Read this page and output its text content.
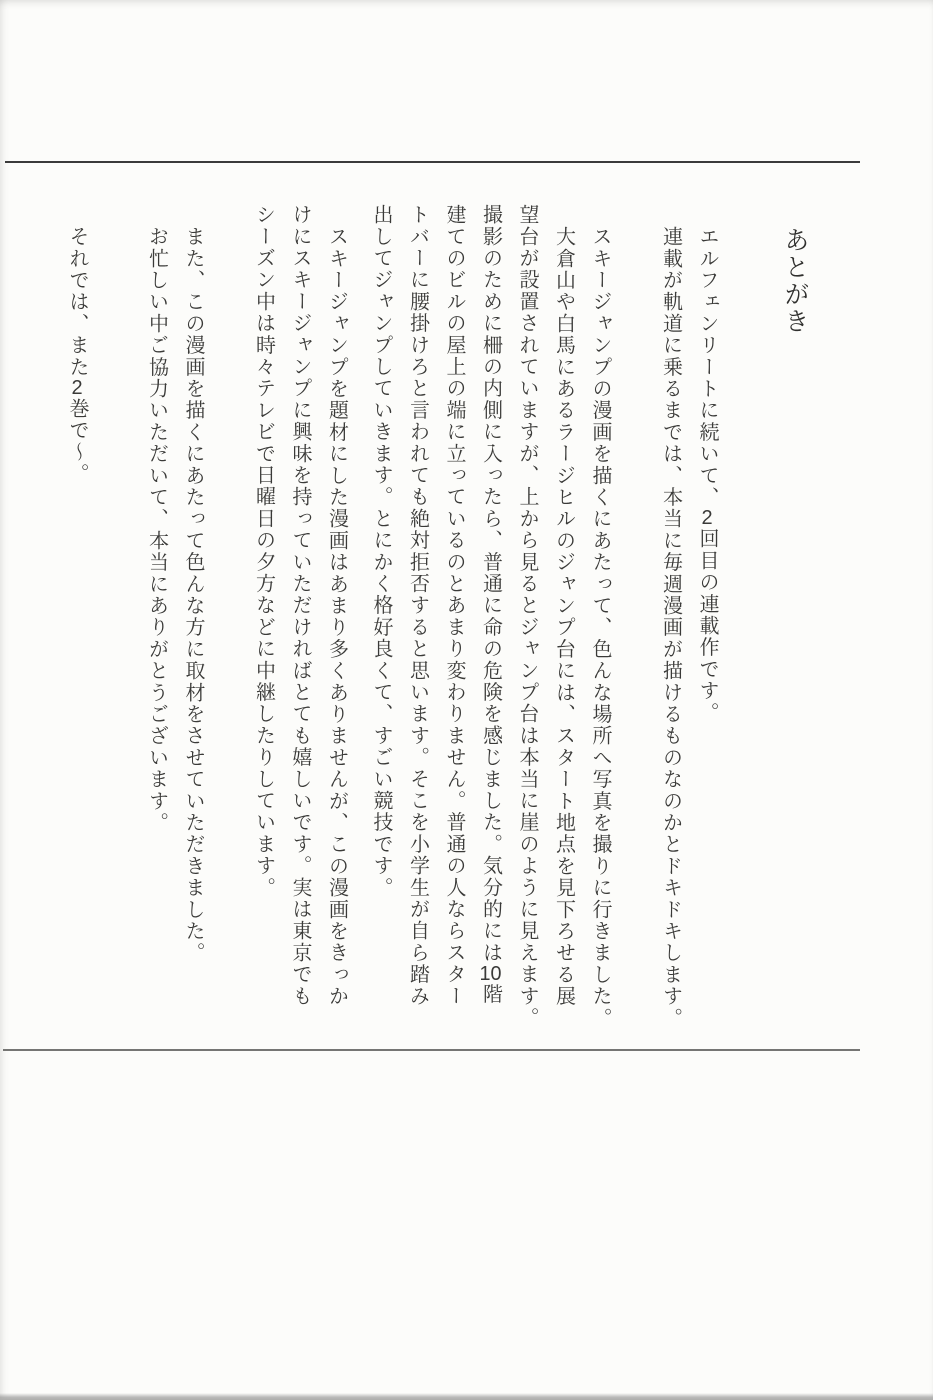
あとがき

エルフェンリートに続いて、2回目の連載作です。

連載が軌道に乗るまでは、本当に毎週漫画が描けるものなのかとドキドキします。

スキージャンプの漫画を描くにあたって、色んな場所へ写真を撮りに行きました。

大倉山や白馬にあるラージヒルのジャンプ台には、スタート地点を見下ろせる展

望台が設置されていますが、上から見るとジャンプ台は本当に崖のように見えます。

撮影のために柵の内側に入ったら、普通に命の危険を感じました。気分的には10階

建てのビルの屋上の端に立っているのとあまり変わりません。普通の人ならスター

トバーに腰掛けろと言われても絶対拒否すると思います。そこを小学生が自ら踏み

出してジャンプしていきます。とにかく格好良くて、すごい競技です。

スキージャンプを題材にした漫画はあまり多くありませんが、この漫画をきっか

けにスキージャンプに興味を持っていただければとても嬉しいです。実は東京でも

シーズン中は時々テレビで日曜日の夕方などに中継したりしています。

また、この漫画を描くにあたって色んな方に取材をさせていただきました。

お忙しい中ご協力いただいて、本当にありがとうございます。

それでは、また2巻で～。
